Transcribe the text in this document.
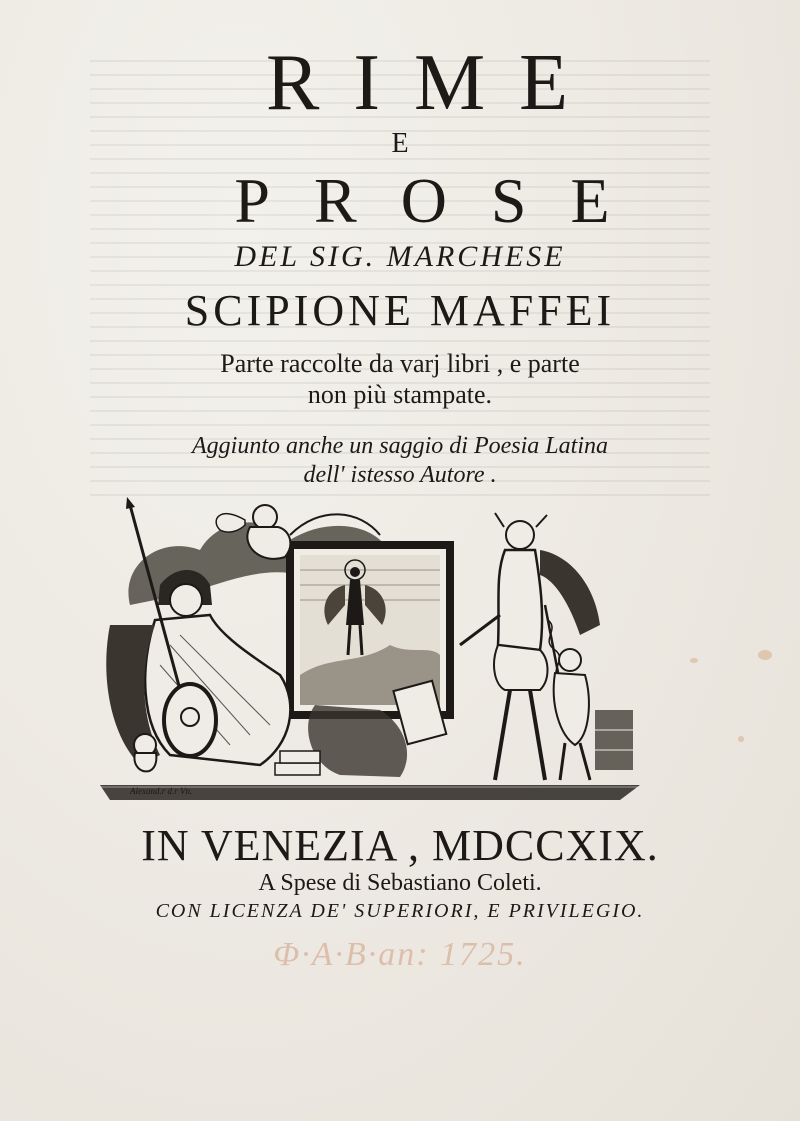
RIME
E
PROSE
DEL SIG. MARCHESE
SCIPIONE MAFFEI
Parte raccolte da varj libri , e parte
non più stampate.
Aggiunto anche un saggio di Poesia Latina
dell' istesso Autore .
Alexand.r d.r Vn.
IN VENEZIA , MDCCXIX.
A Spese di Sebastiano Coleti.
CON LICENZA DE' SUPERIORI, E PRIVILEGIO.
Φ·A·B·an: 1725.
